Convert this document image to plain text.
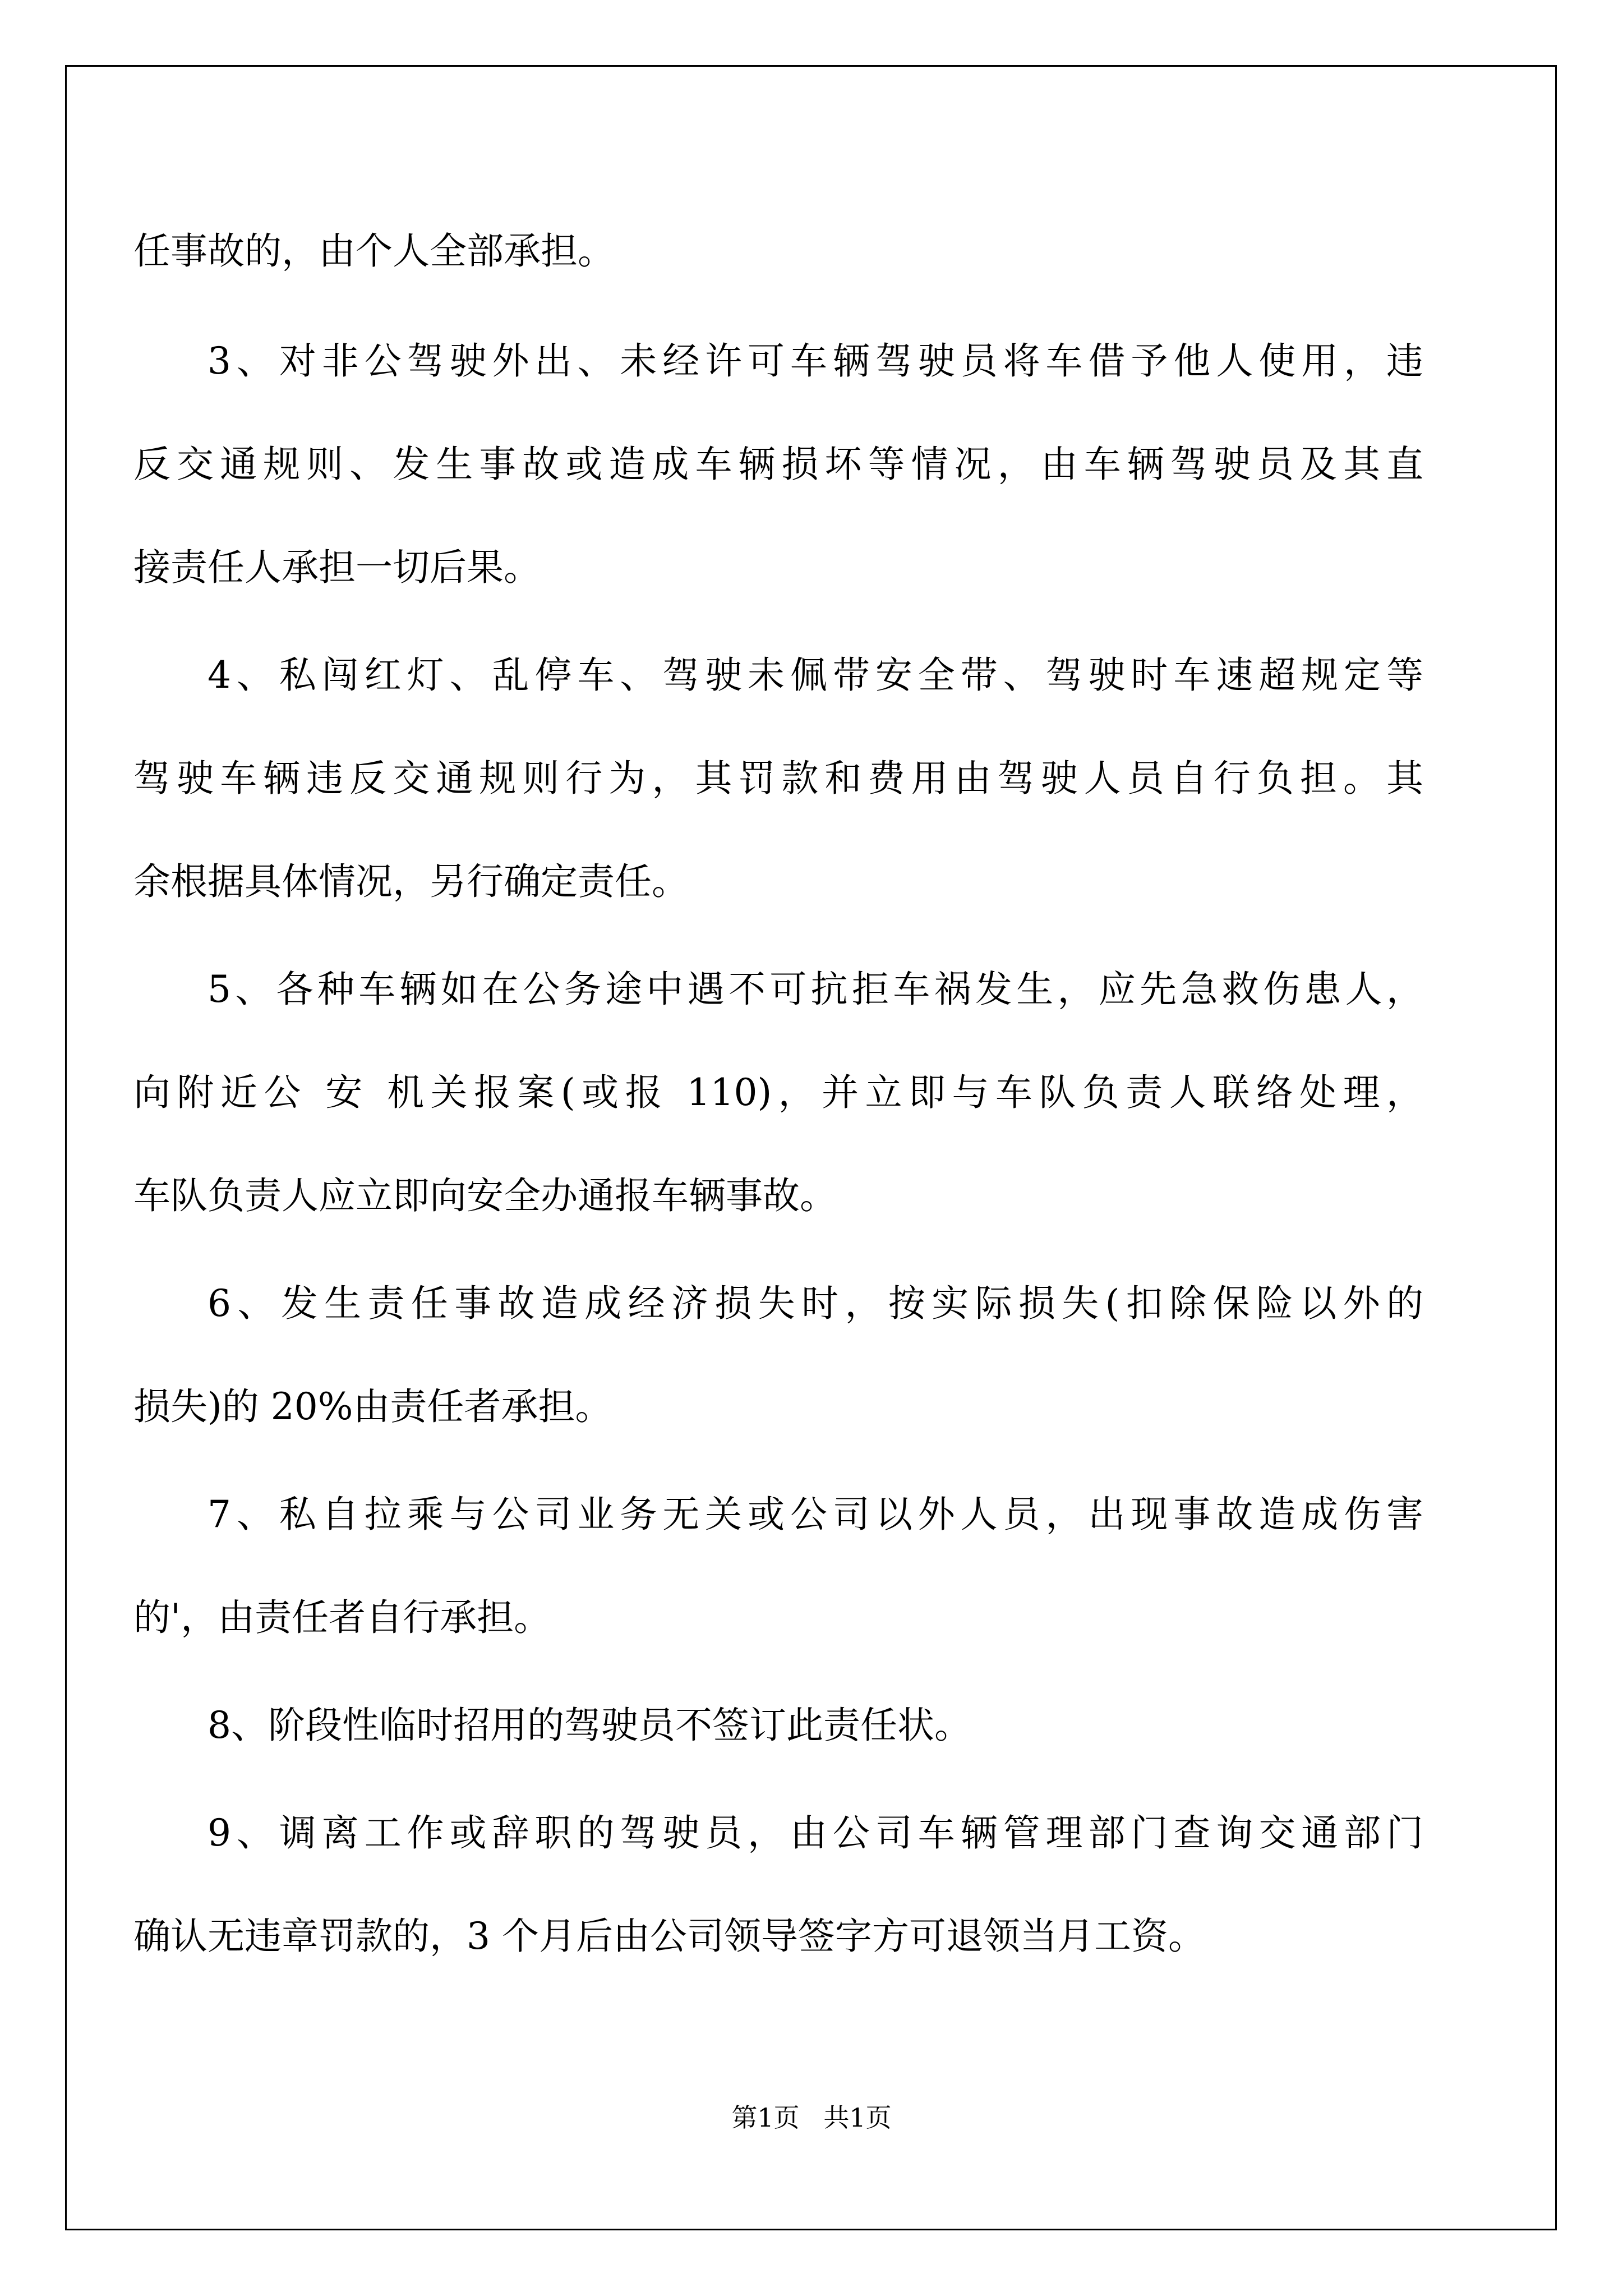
任事故的，由个人全部承担。
3、对非公驾驶外出、未经许可车辆驾驶员将车借予他人使用，违
反交通规则、发生事故或造成车辆损坏等情况，由车辆驾驶员及其直
接责任人承担一切后果。
4、私闯红灯、乱停车、驾驶未佩带安全带、驾驶时车速超规定等
驾驶车辆违反交通规则行为，其罚款和费用由驾驶人员自行负担。其
余根据具体情况，另行确定责任。
5、各种车辆如在公务途中遇不可抗拒车祸发生，应先急救伤患人，
向附近公 安 机关报案(或报 110)，并立即与车队负责人联络处理，
车队负责人应立即向安全办通报车辆事故。
6、发生责任事故造成经济损失时，按实际损失(扣除保险以外的
损失)的 20%由责任者承担。
7、私自拉乘与公司业务无关或公司以外人员，出现事故造成伤害
的'，由责任者自行承担。
8、阶段性临时招用的驾驶员不签订此责任状。
9、调离工作或辞职的驾驶员，由公司车辆管理部门查询交通部门
确认无违章罚款的，3 个月后由公司领导签字方可退领当月工资。
第1页 共1页
